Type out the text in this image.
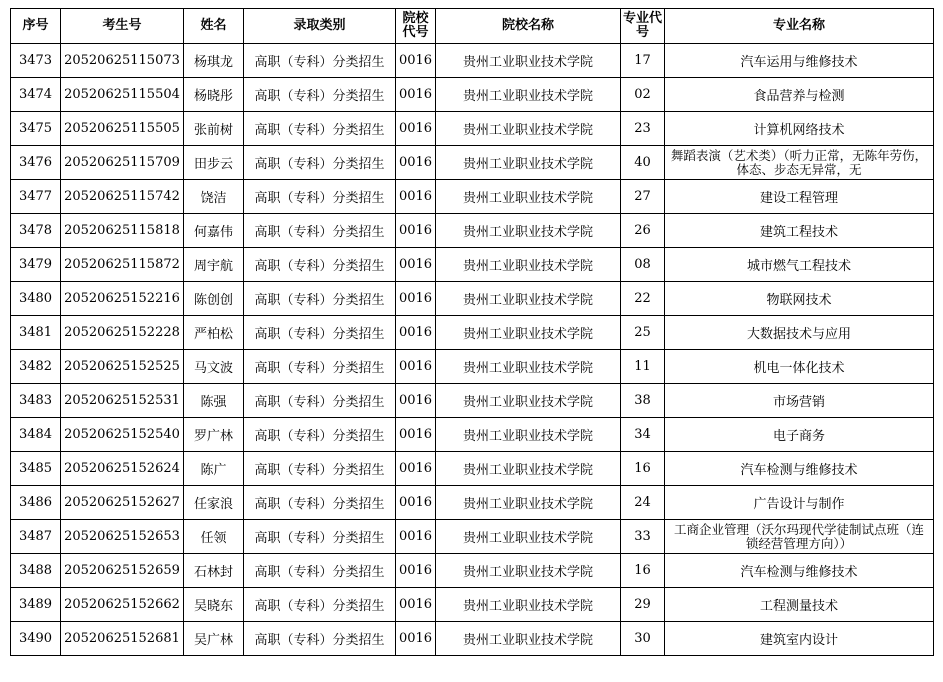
序号	考生号	姓名	录取类别	院校代号	院校名称	专业代号	专业名称
3473	20520625115073	杨琪龙	高职（专科）分类招生	0016	贵州工业职业技术学院	17	汽车运用与维修技术
3474	20520625115504	杨晓彤	高职（专科）分类招生	0016	贵州工业职业技术学院	02	食品营养与检测
3475	20520625115505	张前树	高职（专科）分类招生	0016	贵州工业职业技术学院	23	计算机网络技术
3476	20520625115709	田步云	高职（专科）分类招生	0016	贵州工业职业技术学院	40	舞蹈表演（艺术类）（听力正常，无陈年劳伤，体态、步态无异常，无

3477	20520625115742	饶洁	高职（专科）分类招生	0016	贵州工业职业技术学院	27	建设工程管理
3478	20520625115818	何嘉伟	高职（专科）分类招生	0016	贵州工业职业技术学院	26	建筑工程技术
3479	20520625115872	周宇航	高职（专科）分类招生	0016	贵州工业职业技术学院	08	城市燃气工程技术
3480	20520625152216	陈创创	高职（专科）分类招生	0016	贵州工业职业技术学院	22	物联网技术
3481	20520625152228	严柏松	高职（专科）分类招生	0016	贵州工业职业技术学院	25	大数据技术与应用
3482	20520625152525	马文波	高职（专科）分类招生	0016	贵州工业职业技术学院	11	机电一体化技术
3483	20520625152531	陈强	高职（专科）分类招生	0016	贵州工业职业技术学院	38	市场营销
3484	20520625152540	罗广林	高职（专科）分类招生	0016	贵州工业职业技术学院	34	电子商务
3485	20520625152624	陈广	高职（专科）分类招生	0016	贵州工业职业技术学院	16	汽车检测与维修技术
3486	20520625152627	任家浪	高职（专科）分类招生	0016	贵州工业职业技术学院	24	广告设计与制作
3487	20520625152653	任领	高职（专科）分类招生	0016	贵州工业职业技术学院	33	工商企业管理（沃尔玛现代学徒制试点班（连锁经营管理方向））

3488	20520625152659	石林封	高职（专科）分类招生	0016	贵州工业职业技术学院	16	汽车检测与维修技术
3489	20520625152662	吴晓东	高职（专科）分类招生	0016	贵州工业职业技术学院	29	工程测量技术
3490	20520625152681	吴广林	高职（专科）分类招生	0016	贵州工业职业技术学院	30	建筑室内设计
